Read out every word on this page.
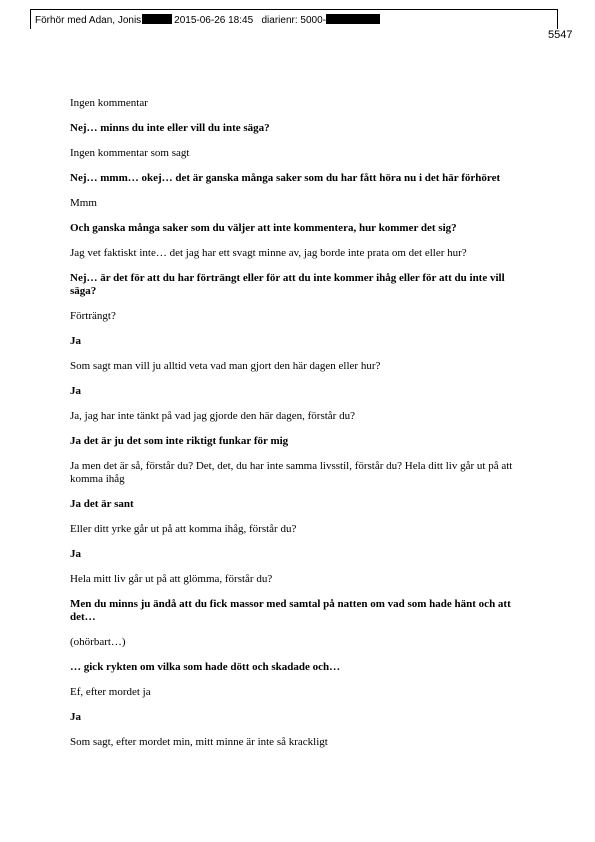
Förhör med Adan, Jonis	2015-06-26 18:45 diarienr: 5000-
5547

Ingen kommentar

Nej… minns du inte eller vill du inte säga?

Ingen kommentar som sagt

Nej… mmm… okej… det är ganska många saker som du har fått höra nu i det här förhöret

Mmm

Och ganska många saker som du väljer att inte kommentera, hur kommer det sig?

Jag vet faktiskt inte… det jag har ett svagt minne av, jag borde inte prata om det eller hur?

Nej… är det för att du har förträngt eller för att du inte kommer ihåg eller för att du inte vill säga?

Förträngt?

Ja

Som sagt man vill ju alltid veta vad man gjort den här dagen eller hur?

Ja

Ja, jag har inte tänkt på vad jag gjorde den här dagen, förstår du?

Ja det är ju det som inte riktigt funkar för mig

Ja men det är så, förstår du? Det, det, du har inte samma livsstil, förstår du? Hela ditt liv går ut på att komma ihåg

Ja det är sant

Eller ditt yrke går ut på att komma ihåg, förstår du?

Ja

Hela mitt liv går ut på att glömma, förstår du?

Men du minns ju ändå att du fick massor med samtal på natten om vad som hade hänt och att det…

(ohörbart…)

… gick rykten om vilka som hade dött och skadade och…

Ef, efter mordet ja

Ja

Som sagt, efter mordet min, mitt minne är inte så krackligt
